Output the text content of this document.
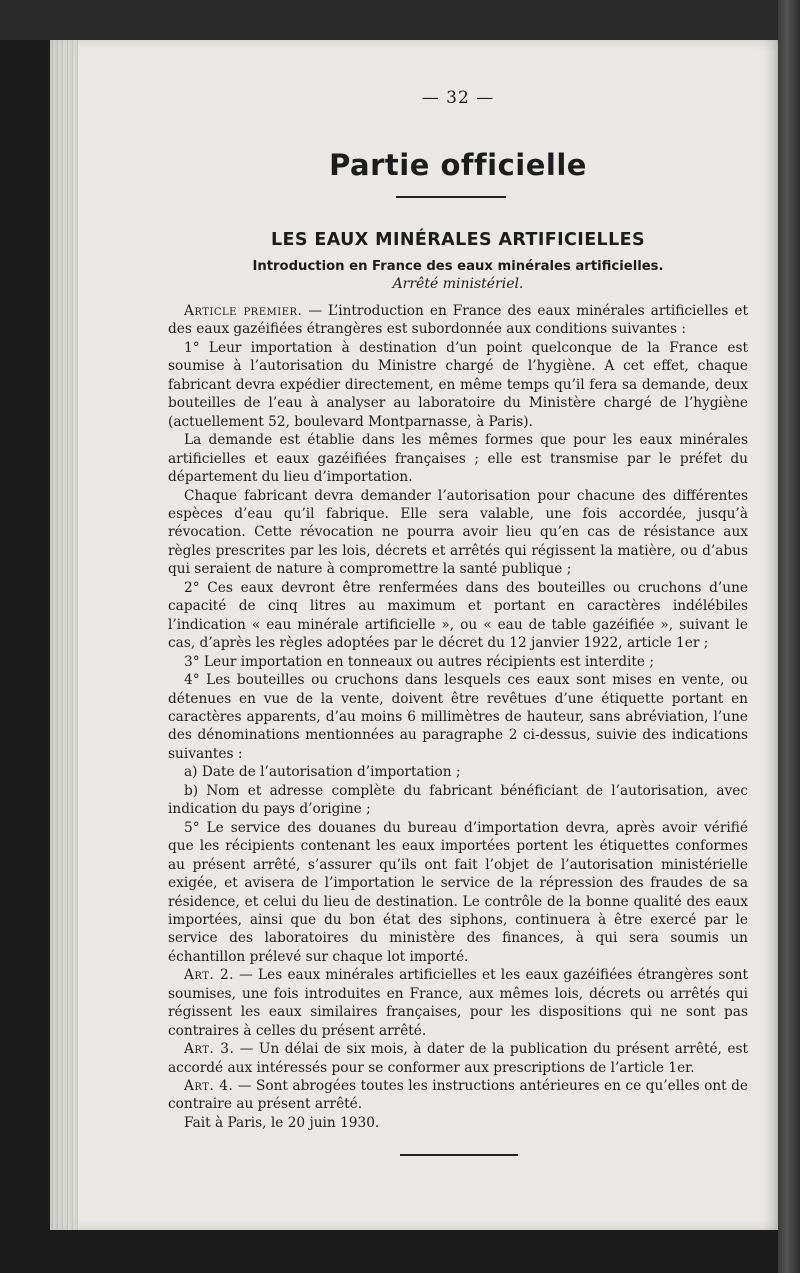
— 32 —
Partie officielle
LES EAUX MINÉRALES ARTIFICIELLES
Introduction en France des eaux minérales artificielles.
Arrêté ministériel.

Article premier. — L’introduction en France des eaux minérales artificielles et des eaux gazéifiées étrangères est subordonnée aux conditions suivantes :

1° Leur importation à destination d’un point quelconque de la France est soumise à l’autorisation du Ministre chargé de l’hygiène. A cet effet, chaque fabricant devra expédier directement, en même temps qu’il fera sa demande, deux bouteilles de l’eau à analyser au laboratoire du Ministère chargé de l’hygiène (actuellement 52, boulevard Montparnasse, à Paris).

La demande est établie dans les mêmes formes que pour les eaux minérales artificielles et eaux gazéifiées françaises ; elle est transmise par le préfet du département du lieu d’importation.

Chaque fabricant devra demander l’autorisation pour chacune des différentes espèces d’eau qu’il fabrique. Elle sera valable, une fois accordée, jusqu’à révocation. Cette révocation ne pourra avoir lieu qu’en cas de résistance aux règles prescrites par les lois, décrets et arrêtés qui régissent la matière, ou d’abus qui seraient de nature à compromettre la santé publique ;

2° Ces eaux devront être renfermées dans des bouteilles ou cruchons d’une capacité de cinq litres au maximum et portant en caractères indélébiles l’indication « eau minérale artificielle », ou « eau de table gazéifiée », suivant le cas, d’après les règles adoptées par le décret du 12 janvier 1922, article 1er ;

3° Leur importation en tonneaux ou autres récipients est interdite ;

4° Les bouteilles ou cruchons dans lesquels ces eaux sont mises en vente, ou détenues en vue de la vente, doivent être revêtues d’une étiquette portant en caractères apparents, d’au moins 6 millimètres de hauteur, sans abréviation, l’une des dénominations mentionnées au paragraphe 2 ci-dessus, suivie des indications suivantes :

a) Date de l’autorisation d’importation ;

b) Nom et adresse complète du fabricant bénéficiant de l’autorisation, avec indication du pays d’origine ;

5° Le service des douanes du bureau d’importation devra, après avoir vérifié que les récipients contenant les eaux importées portent les étiquettes conformes au présent arrêté, s’assurer qu’ils ont fait l’objet de l’autorisation ministérielle exigée, et avisera de l’importation le service de la répression des fraudes de sa résidence, et celui du lieu de destination. Le contrôle de la bonne qualité des eaux importées, ainsi que du bon état des siphons, continuera à être exercé par le service des laboratoires du ministère des finances, à qui sera soumis un échantillon prélevé sur chaque lot importé.

Art. 2. — Les eaux minérales artificielles et les eaux gazéifiées étrangères sont soumises, une fois introduites en France, aux mêmes lois, décrets ou arrêtés qui régissent les eaux similaires françaises, pour les dispositions qui ne sont pas contraires à celles du présent arrêté.

Art. 3. — Un délai de six mois, à dater de la publication du présent arrêté, est accordé aux intéressés pour se conformer aux prescriptions de l’article 1er.

Art. 4. — Sont abrogées toutes les instructions antérieures en ce qu’elles ont de contraire au présent arrêté.

Fait à Paris, le 20 juin 1930.
